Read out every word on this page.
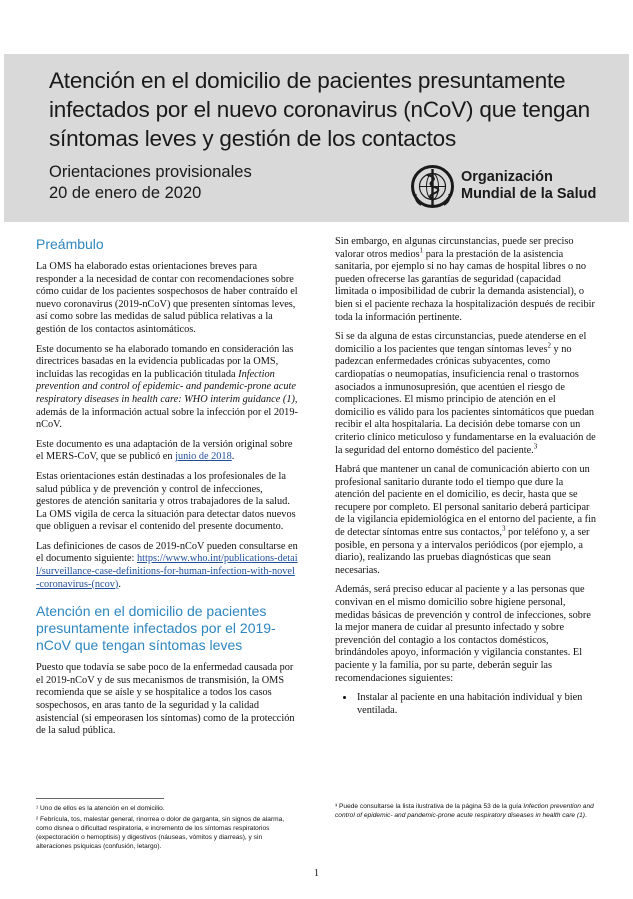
Atención en el domicilio de pacientes presuntamente infectados por el nuevo coronavirus (nCoV) que tengan síntomas leves y gestión de los contactos
Orientaciones provisionales
20 de enero de 2020
Organización
Mundial de la Salud
Preámbulo

La OMS ha elaborado estas orientaciones breves para responder a la necesidad de contar con recomendaciones sobre cómo cuidar de los pacientes sospechosos de haber contraído el nuevo coronavirus (2019-nCoV) que presenten síntomas leves, así como sobre las medidas de salud pública relativas a la gestión de los contactos asintomáticos.

Este documento se ha elaborado tomando en consideración las directrices basadas en la evidencia publicadas por la OMS, incluidas las recogidas en la publicación titulada Infection prevention and control of epidemic- and pandemic-prone acute respiratory diseases in health care: WHO interim guidance (1), además de la información actual sobre la infección por el 2019-nCoV.

Este documento es una adaptación de la versión original sobre el MERS-CoV, que se publicó en junio de 2018.

Estas orientaciones están destinadas a los profesionales de la salud pública y de prevención y control de infecciones, gestores de atención sanitaria y otros trabajadores de la salud. La OMS vigila de cerca la situación para detectar datos nuevos que obliguen a revisar el contenido del presente documento.

Las definiciones de casos de 2019-nCoV pueden consultarse en el documento siguiente: https://www.who.int/publications-detail/surveillance-case-definitions-for-human-infection-with-novel-coronavirus-(ncov).

Atención en el domicilio de pacientes presuntamente infectados por el 2019-nCoV que tengan síntomas leves

Puesto que todavía se sabe poco de la enfermedad causada por el 2019-nCoV y de sus mecanismos de transmisión, la OMS recomienda que se aísle y se hospitalice a todos los casos sospechosos, en aras tanto de la seguridad y la calidad asistencial (si empeorasen los síntomas) como de la protección de la salud pública.

Sin embargo, en algunas circunstancias, puede ser preciso valorar otros medios$^1$ para la prestación de la asistencia sanitaria, por ejemplo si no hay camas de hospital libres o no pueden ofrecerse las garantías de seguridad (capacidad limitada o imposibilidad de cubrir la demanda asistencial), o bien si el paciente rechaza la hospitalización después de recibir toda la información pertinente.

Si se da alguna de estas circunstancias, puede atenderse en el domicilio a los pacientes que tengan síntomas leves$^2$ y no padezcan enfermedades crónicas subyacentes, como cardiopatías o neumopatías, insuficiencia renal o trastornos asociados a inmunosupresión, que acentúen el riesgo de complicaciones. El mismo principio de atención en el domicilio es válido para los pacientes sintomáticos que puedan recibir el alta hospitalaria. La decisión debe tomarse con un criterio clínico meticuloso y fundamentarse en la evaluación de la seguridad del entorno doméstico del paciente.$^3$

Habrá que mantener un canal de comunicación abierto con un profesional sanitario durante todo el tiempo que dure la atención del paciente en el domicilio, es decir, hasta que se recupere por completo. El personal sanitario deberá participar de la vigilancia epidemiológica en el entorno del paciente, a fin de detectar síntomas entre sus contactos,$^3$ por teléfono y, a ser posible, en persona y a intervalos periódicos (por ejemplo, a diario), realizando las pruebas diagnósticas que sean necesarias.

Además, será preciso educar al paciente y a las personas que convivan en el mismo domicilio sobre higiene personal, medidas básicas de prevención y control de infecciones, sobre la mejor manera de cuidar al presunto infectado y sobre prevención del contagio a los contactos domésticos, brindándoles apoyo, información y vigilancia constantes. El paciente y la familia, por su parte, deberán seguir las recomendaciones siguientes:

• Instalar al paciente en una habitación individual y bien ventilada.

¹ Uno de ellos es la atención en el domicilio.

² Febrícula, tos, malestar general, rinorrea o dolor de garganta, sin signos de alarma, como disnea o dificultad respiratoria, e incremento de los síntomas respiratorios (expectoración o hemoptisis) y digestivos (náuseas, vómitos y diarreas), y sin alteraciones psíquicas (confusión, letargo).

³ Puede consultarse la lista ilustrativa de la página 53 de la guía Infection prevention and control of epidemic- and pandemic-prone acute respiratory diseases in health care (1).

1
